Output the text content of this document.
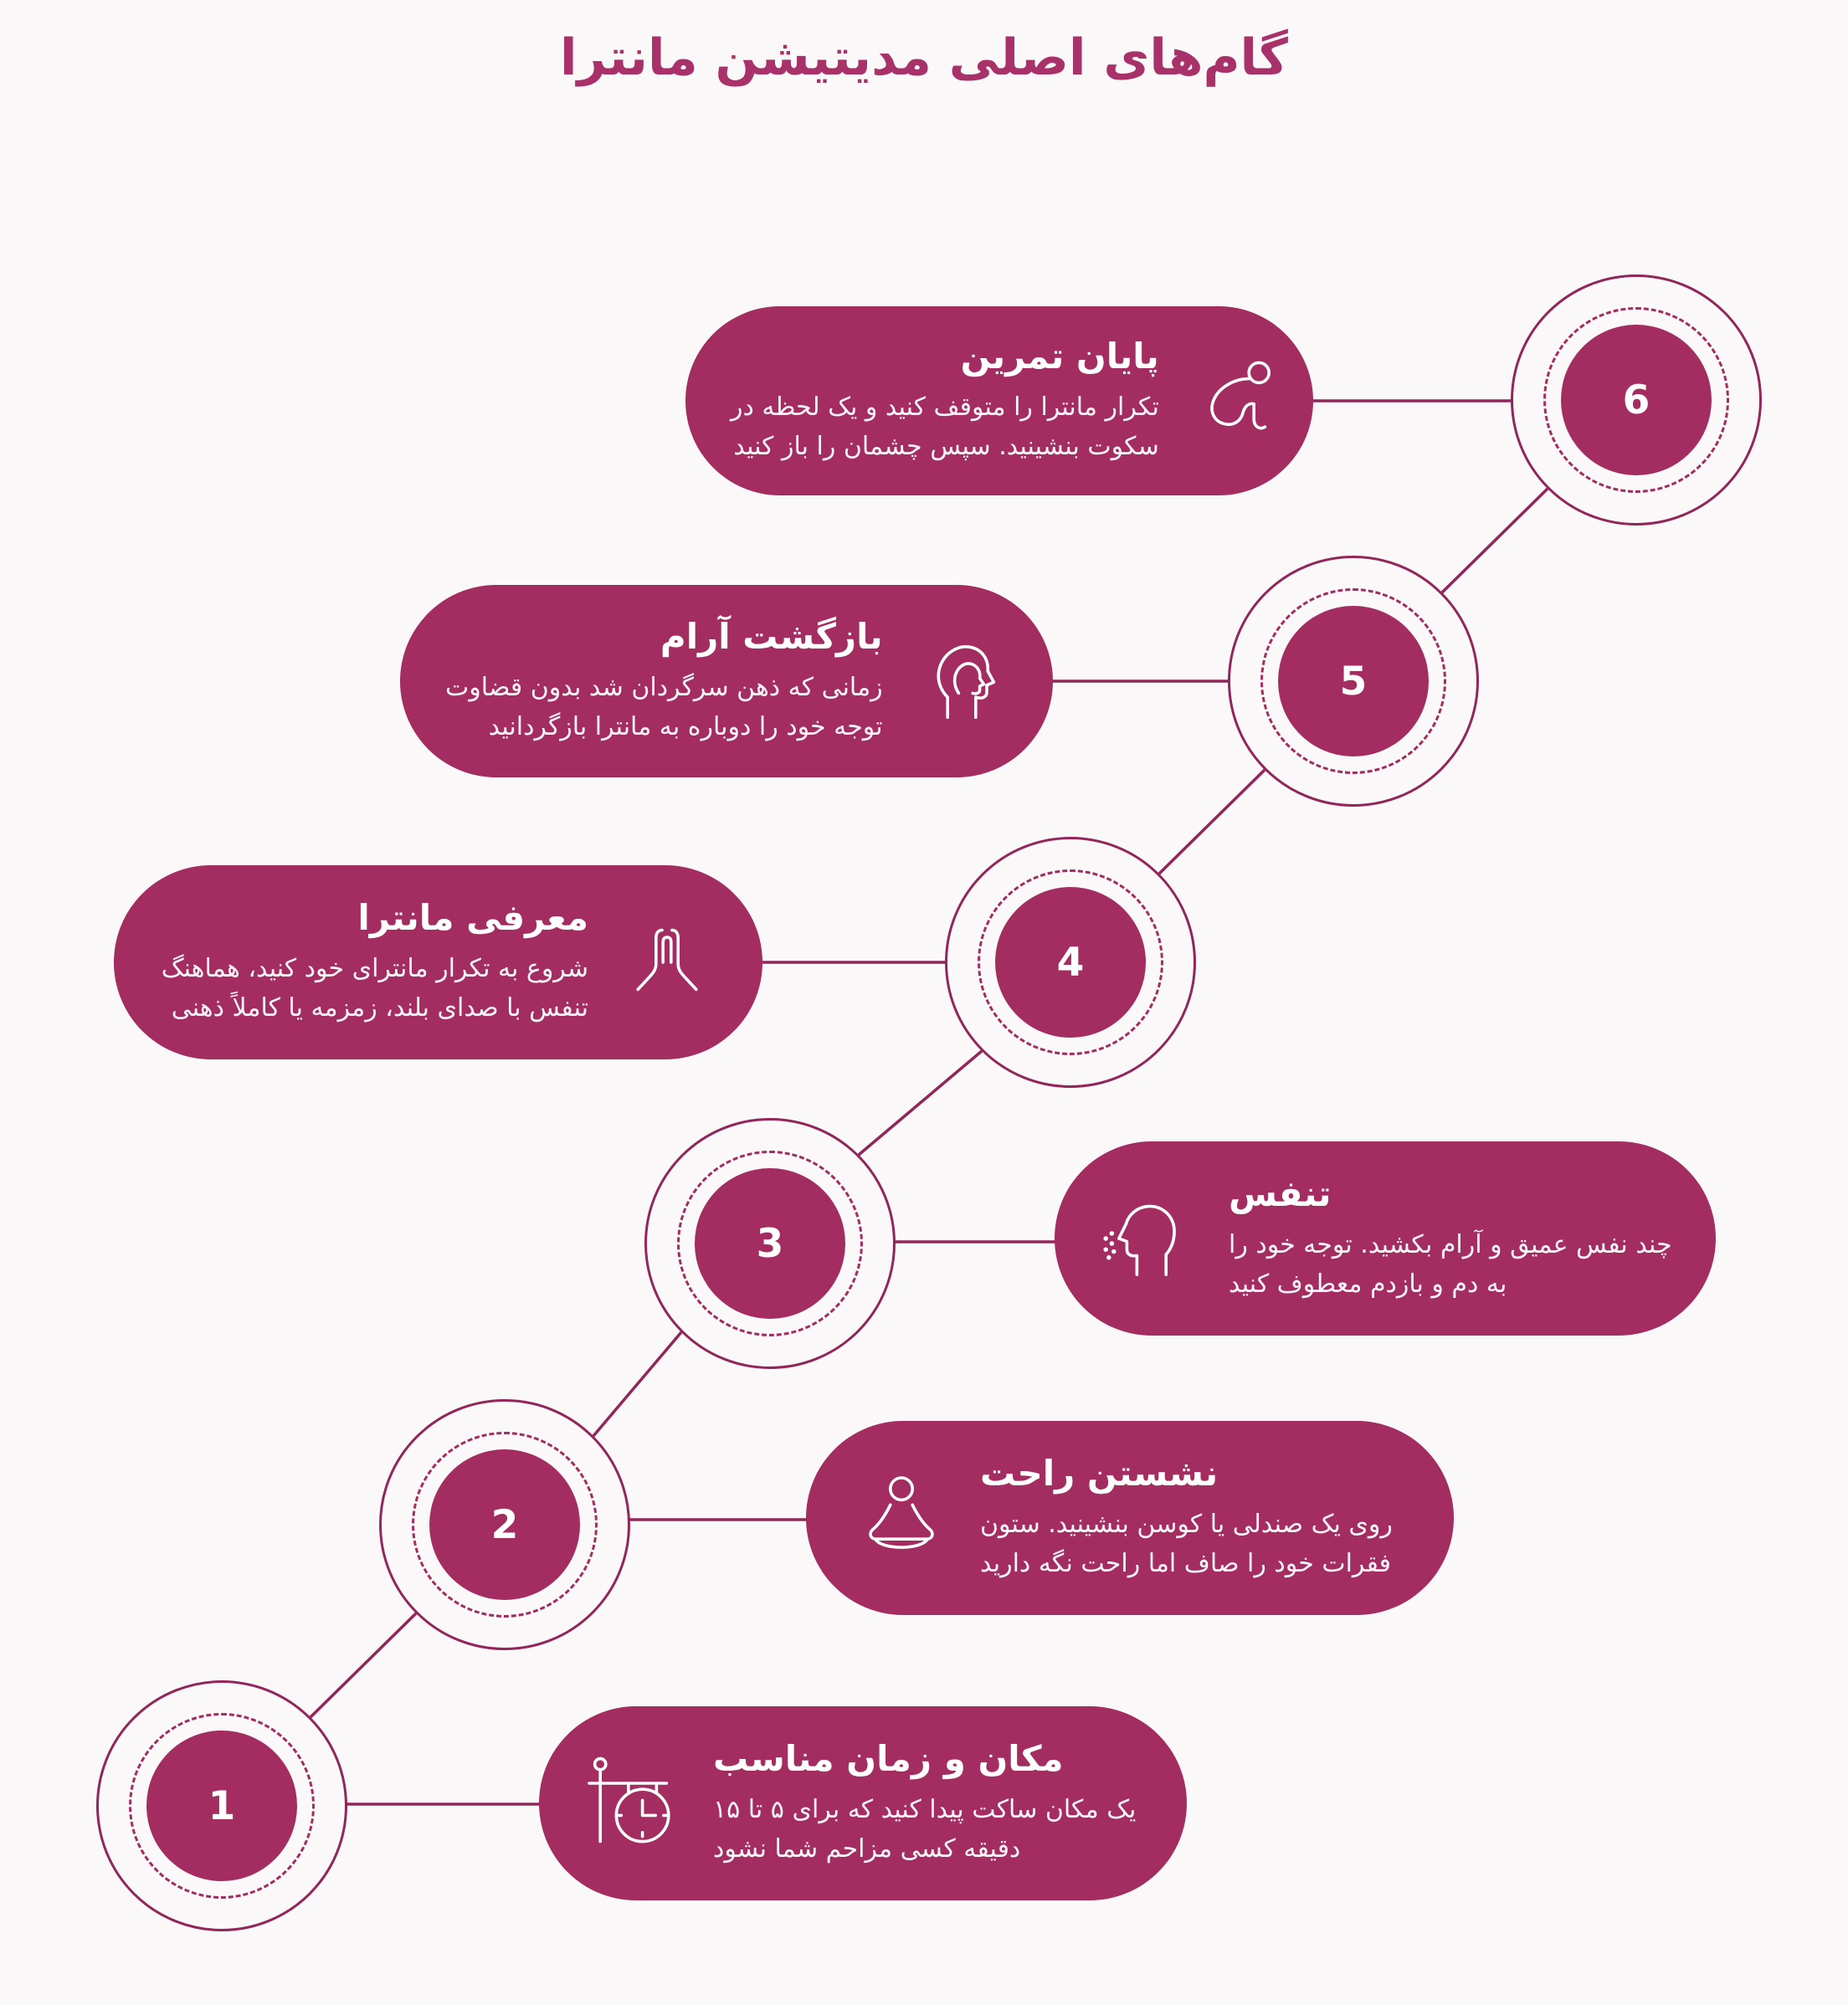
گام‌های اصلی مدیتیشن مانترا
1
2
3
4
5
6
مکان و زمان مناسب
یک مکان ساکت پیدا کنید که برای ۵ تا ۱۵
دقیقه کسی مزاحم شما نشود
نشستن راحت
روی یک صندلی یا کوسن بنشینید. ستون
فقرات خود را صاف اما راحت نگه دارید
تنفس
چند نفس عمیق و آرام بکشید. توجه خود را
به دم و بازدم معطوف کنید
معرفی مانترا
شروع به تکرار مانترای خود کنید، هماهنگ
تنفس با صدای بلند، زمزمه یا کاملاً ذهنی
بازگشت آرام
زمانی که ذهن سرگردان شد بدون قضاوت
توجه خود را دوباره به مانترا بازگردانید
پایان تمرین
تکرار مانترا را متوقف کنید و یک لحظه در
سکوت بنشینید. سپس چشمان را باز کنید
